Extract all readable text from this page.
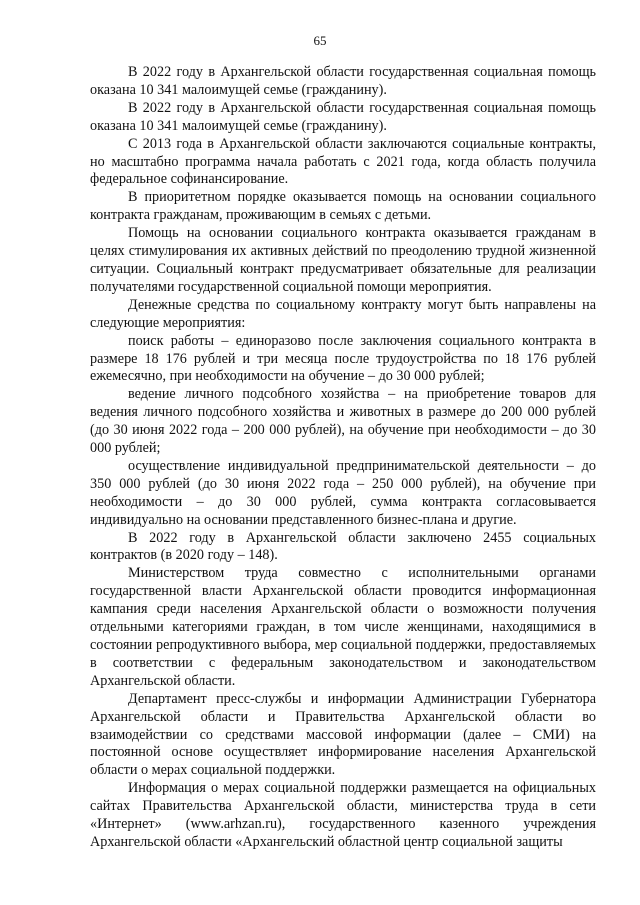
65

В 2022 году в Архангельской области государственная социальная помощь оказана 10 341 малоимущей семье (гражданину).

В 2022 году в Архангельской области государственная социальная помощь оказана 10 341 малоимущей семье (гражданину).

С 2013 года в Архангельской области заключаются социальные контракты, но масштабно программа начала работать с 2021 года, когда область получила федеральное софинансирование.

В приоритетном порядке оказывается помощь на основании социального контракта гражданам, проживающим в семьях с детьми.

Помощь на основании социального контракта оказывается гражданам в целях стимулирования их активных действий по преодолению трудной жизненной ситуации. Социальный контракт предусматривает обязательные для реализации получателями государственной социальной помощи мероприятия.

Денежные средства по социальному контракту могут быть направлены на следующие мероприятия:

поиск работы – единоразово после заключения социального контракта в размере 18 176 рублей и три месяца после трудоустройства по 18 176 рублей ежемесячно, при необходимости на обучение – до 30 000 рублей;

ведение личного подсобного хозяйства – на приобретение товаров для ведения личного подсобного хозяйства и животных в размере до 200 000 рублей (до 30 июня 2022 года – 200 000 рублей), на обучение при необходимости – до 30 000 рублей;

осуществление индивидуальной предпринимательской деятельности – до 350 000 рублей (до 30 июня 2022 года – 250 000 рублей), на обучение при необходимости – до 30 000 рублей, сумма контракта согласовывается индивидуально на основании представленного бизнес-плана и другие.

В 2022 году в Архангельской области заключено 2455 социальных контрактов (в 2020 году – 148).

Министерством труда совместно с исполнительными органами государственной власти Архангельской области проводится информационная кампания среди населения Архангельской области о возможности получения отдельными категориями граждан, в том числе женщинами, находящимися в состоянии репродуктивного выбора, мер социальной поддержки, предоставляемых в соответствии с федеральным законодательством и законодательством Архангельской области.

Департамент пресс-службы и информации Администрации Губернатора Архангельской области и Правительства Архангельской области во взаимодействии со средствами массовой информации (далее – СМИ) на постоянной основе осуществляет информирование населения Архангельской области о мерах социальной поддержки.

Информация о мерах социальной поддержки размещается на официальных сайтах Правительства Архангельской области, министерства труда в сети «Интернет» (www.arhzan.ru), государственного казенного учреждения Архангельской области «Архангельский областной центр социальной защиты
